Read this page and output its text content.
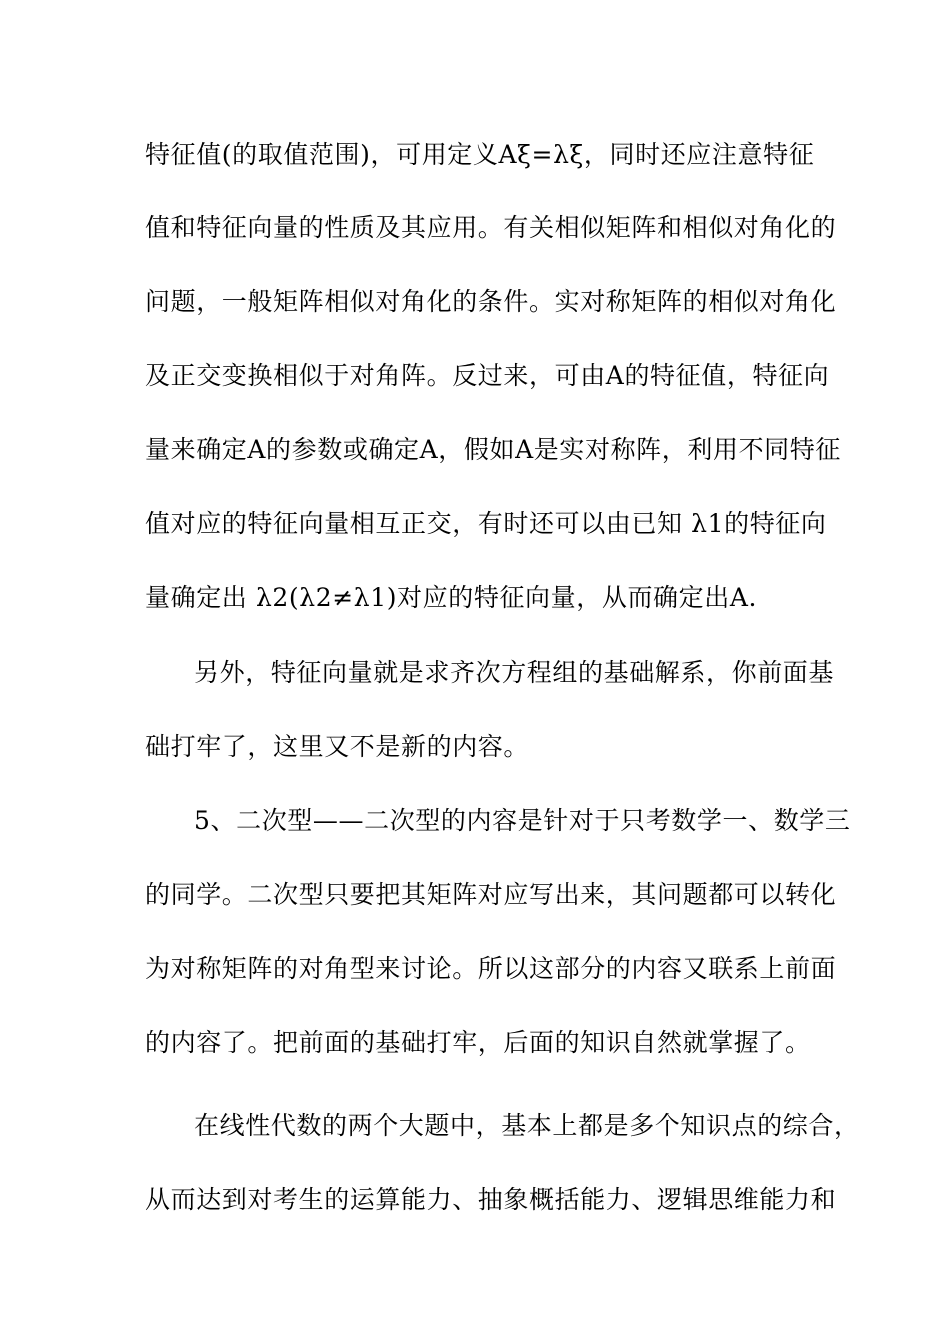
特征值(的取值范围)，可用定义Aξ=λξ，同时还应注意特征
值和特征向量的性质及其应用。有关相似矩阵和相似对角化的
问题，一般矩阵相似对角化的条件。实对称矩阵的相似对角化
及正交变换相似于对角阵。反过来，可由A的特征值，特征向
量来确定A的参数或确定A，假如A是实对称阵，利用不同特征
值对应的特征向量相互正交，有时还可以由已知 λ1的特征向
量确定出 λ2(λ2≠λ1)对应的特征向量，从而确定出A.
另外，特征向量就是求齐次方程组的基础解系，你前面基
础打牢了，这里又不是新的内容。
5、二次型——二次型的内容是针对于只考数学一、数学三
的同学。二次型只要把其矩阵对应写出来，其问题都可以转化
为对称矩阵的对角型来讨论。所以这部分的内容又联系上前面
的内容了。把前面的基础打牢，后面的知识自然就掌握了。
在线性代数的两个大题中，基本上都是多个知识点的综合，
从而达到对考生的运算能力、抽象概括能力、逻辑思维能力和
